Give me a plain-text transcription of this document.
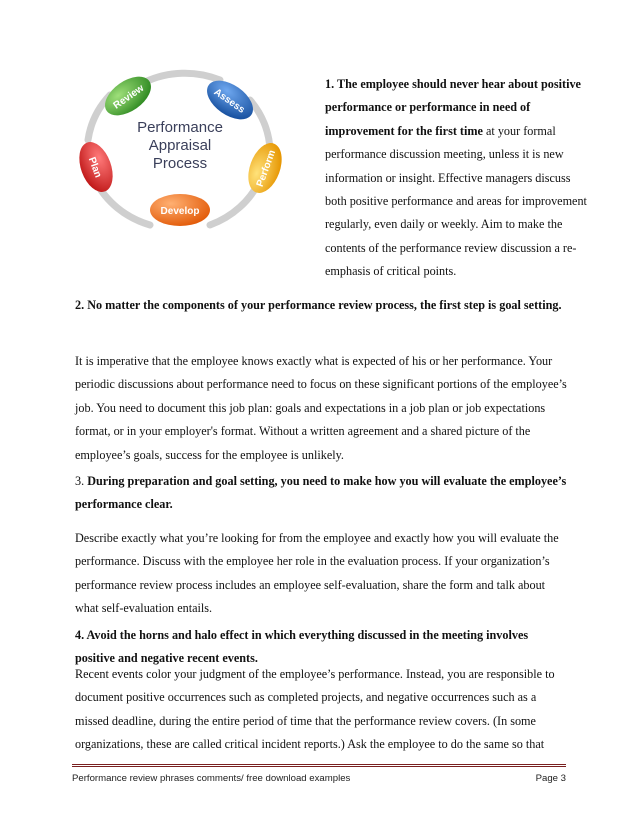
Review	Assess
Perform
Develop
Plan
Performance
Appraisal
Process
1. The employee should never hear about positive performance or performance in need of improvement for the first time at your formal performance discussion meeting, unless it is new information or insight. Effective managers discuss both positive performance and areas for improvement regularly, even daily or weekly. Aim to make the contents of the performance review discussion a re-emphasis of critical points.
2. No matter the components of your performance review process, the first step is goal setting.
It is imperative that the employee knows exactly what is expected of his or her performance. Your periodic discussions about performance need to focus on these significant portions of the employee’s job. You need to document this job plan: goals and expectations in a job plan or job expectations format, or in your employer's format. Without a written agreement and a shared picture of the employee’s goals, success for the employee is unlikely.
3. During preparation and goal setting, you need to make how you will evaluate the employee’s performance clear.
Describe exactly what you’re looking for from the employee and exactly how you will evaluate the performance. Discuss with the employee her role in the evaluation process. If your organization’s performance review process includes an employee self-evaluation, share the form and talk about what self-evaluation entails.
4. Avoid the horns and halo effect in which everything discussed in the meeting involves positive and negative recent events.
Recent events color your judgment of the employee’s performance. Instead, you are responsible to document positive occurrences such as completed projects, and negative occurrences such as a missed deadline, during the entire period of time that the performance review covers. (In some organizations, these are called critical incident reports.) Ask the employee to do the same so that
Performance review phrases comments/ free download examples	Page 3
